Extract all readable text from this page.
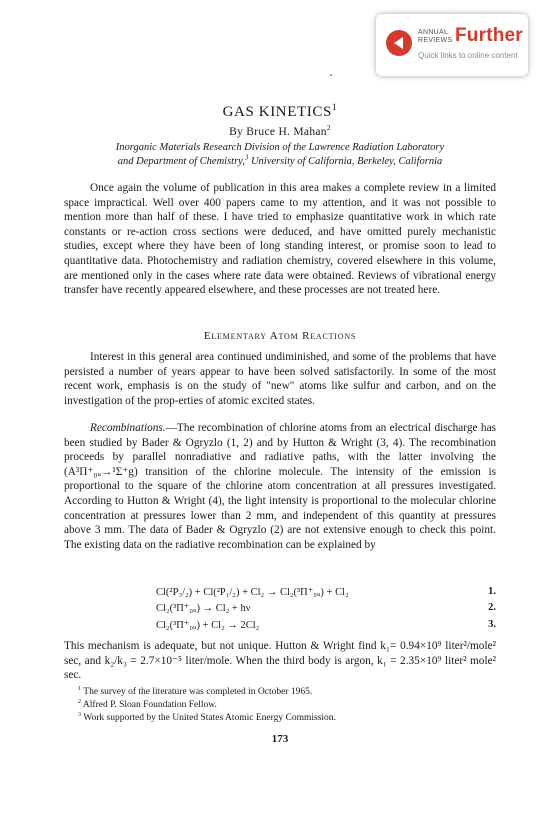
ANNUAL
REVIEWS Further
Quick links to online content
GAS KINETICS$^1$
By Bruce H. Mahan$^2$
Inorganic Materials Research Division of the Lawrence Radiation Laboratory
and Department of Chemistry,$^3$ University of California, Berkeley, California

Once again the volume of publication in this area makes a complete review in a limited space impractical. Well over 400 papers came to my attention, and it was not possible to mention more than half of these. I have tried to emphasize quantitative work in which rate constants or re-action cross sections were deduced, and have omitted purely mechanistic studies, except where they have been of long standing interest, or promise soon to lead to quantitative data. Photochemistry and radiation chemistry, covered elsewhere in this volume, are mentioned only in the cases where rate data were obtained. Reviews of vibrational energy transfer have recently appeared elsewhere, and these processes are not treated here.

Elementary Atom Reactions

Interest in this general area continued undiminished, and some of the problems that have persisted a number of years appear to have been solved satisfactorily. In some of the most recent work, emphasis is on the study of "new" atoms like sulfur and carbon, and on the investigation of the prop-erties of atomic excited states.

Recombinations.—The recombination of chlorine atoms from an electrical discharge has been studied by Bader & Ogryzlo (1, 2) and by Hutton & Wright (3, 4). The recombination proceeds by parallel nonradiative and radiative paths, with the latter involving the (A³Π⁺₀ᵤ→¹Σ⁺g) transition of the chlorine molecule. The intensity of the emission is proportional to the square of the chlorine atom concentration at all pressures investigated. According to Hutton & Wright (4), the light intensity is proportional to the molecular chlorine concentration at pressures lower than 2 mm, and independent of this quantity at pressures above 3 mm. The data of Bader & Ogryzlo (2) are not extensive enough to check this point. The existing data on the radiative recombination can be explained by

Cl(²P₃/₂) + Cl(²P₁/₂) + Cl₂ → Cl₂(³Π⁺₀ᵤ) + Cl₂	1.
Cl₂(³Π⁺₀ᵤ) → Cl₂ + hν	2.
Cl₂(³Π⁺₀ᵤ) + Cl₂ → 2Cl₂	3.

This mechanism is adequate, but not unique. Hutton & Wright find k₁= 0.94×10⁹ liter²/mole² sec, and k₂/k₃ = 2.7×10⁻⁵ liter/mole. When the third body is argon, k₁ = 2.35×10⁹ liter² mole² sec.

$^1$ The survey of the literature was completed in October 1965.
$^2$ Alfred P. Sloan Foundation Fellow.
$^3$ Work supported by the United States Atomic Energy Commission.
173
